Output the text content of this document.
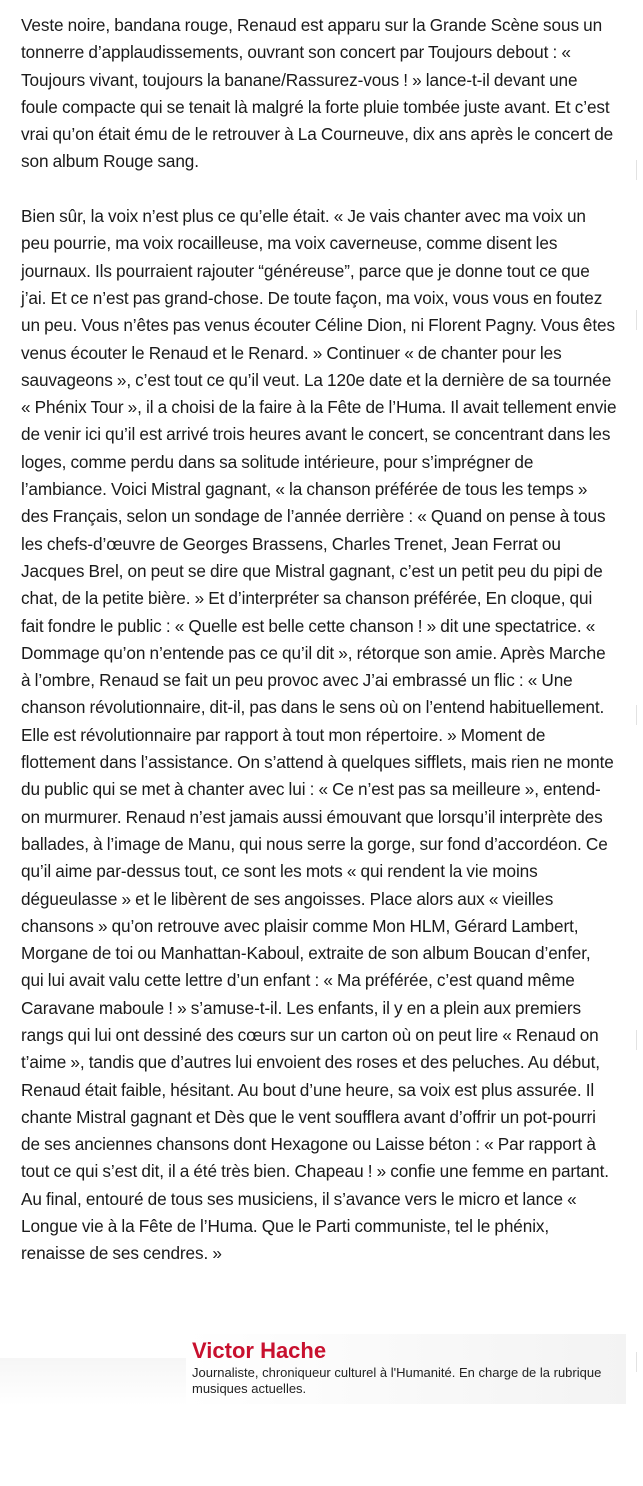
Veste noire, bandana rouge, Renaud est apparu sur la Grande Scène sous un tonnerre d’applaudissements, ouvrant son concert par Toujours debout : « Toujours vivant, toujours la banane/Rassurez-vous ! » lance-t-il devant une foule compacte qui se tenait là malgré la forte pluie tombée juste avant. Et c’est vrai qu’on était ému de le retrouver à La Courneuve, dix ans après le concert de son album Rouge sang.

Bien sûr, la voix n’est plus ce qu’elle était. « Je vais chanter avec ma voix un peu pourrie, ma voix rocailleuse, ma voix caverneuse, comme disent les journaux. Ils pourraient rajouter “généreuse”, parce que je donne tout ce que j’ai. Et ce n’est pas grand-chose. De toute façon, ma voix, vous vous en foutez un peu. Vous n’êtes pas venus écouter Céline Dion, ni Florent Pagny. Vous êtes venus écouter le Renaud et le Renard. » Continuer « de chanter pour les sauvageons », c’est tout ce qu’il veut. La 120e date et la dernière de sa tournée « Phénix Tour », il a choisi de la faire à la Fête de l’Huma. Il avait tellement envie de venir ici qu’il est arrivé trois heures avant le concert, se concentrant dans les loges, comme perdu dans sa solitude intérieure, pour s’imprégner de l’ambiance. Voici Mistral gagnant, « la chanson préférée de tous les temps » des Français, selon un sondage de l’année derrière : « Quand on pense à tous les chefs-d’œuvre de Georges Brassens, Charles Trenet, Jean Ferrat ou Jacques Brel, on peut se dire que Mistral gagnant, c’est un petit peu du pipi de chat, de la petite bière. » Et d’interpréter sa chanson préférée, En cloque, qui fait fondre le public : « Quelle est belle cette chanson ! » dit une spectatrice. « Dommage qu’on n’entende pas ce qu’il dit », rétorque son amie. Après Marche à l’ombre, Renaud se fait un peu provoc avec J’ai embrassé un flic : « Une chanson révolutionnaire, dit-il, pas dans le sens où on l’entend habituellement. Elle est révolutionnaire par rapport à tout mon répertoire. » Moment de flottement dans l’assistance. On s’attend à quelques sifflets, mais rien ne monte du public qui se met à chanter avec lui : « Ce n’est pas sa meilleure », entend-on murmurer. Renaud n’est jamais aussi émouvant que lorsqu’il interprète des ballades, à l’image de Manu, qui nous serre la gorge, sur fond d’accordéon. Ce qu’il aime par-dessus tout, ce sont les mots « qui rendent la vie moins dégueulasse » et le libèrent de ses angoisses. Place alors aux « vieilles chansons » qu’on retrouve avec plaisir comme Mon HLM, Gérard Lambert, Morgane de toi ou Manhattan-Kaboul, extraite de son album Boucan d’enfer, qui lui avait valu cette lettre d’un enfant : « Ma préférée, c’est quand même Caravane maboule ! » s’amuse-t-il. Les enfants, il y en a plein aux premiers rangs qui lui ont dessiné des cœurs sur un carton où on peut lire « Renaud on t’aime », tandis que d’autres lui envoient des roses et des peluches. Au début, Renaud était faible, hésitant. Au bout d’une heure, sa voix est plus assurée. Il chante Mistral gagnant et Dès que le vent soufflera avant d’offrir un pot-pourri de ses anciennes chansons dont Hexagone ou Laisse béton : « Par rapport à tout ce qui s’est dit, il a été très bien. Chapeau ! » confie une femme en partant. Au final, entouré de tous ses musiciens, il s’avance vers le micro et lance « Longue vie à la Fête de l’Huma. Que le Parti communiste, tel le phénix, renaisse de ses cendres. »

Victor Hache
Journaliste, chroniqueur culturel à l'Humanité. En charge de la rubrique musiques actuelles.
